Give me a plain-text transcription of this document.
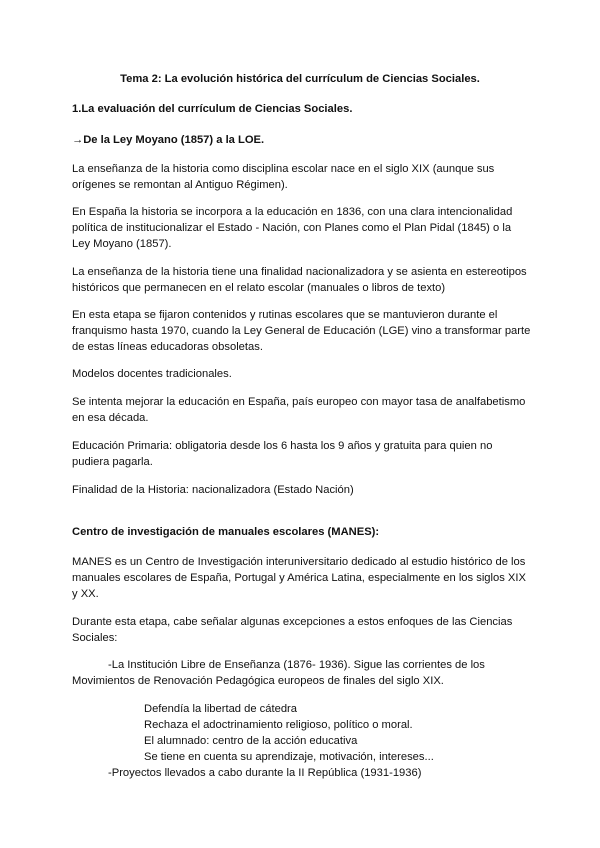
Tema 2: La evolución histórica del currículum de Ciencias Sociales.

1.La evaluación del currículum de Ciencias Sociales.

→De la Ley Moyano (1857) a la LOE.

La enseñanza de la historia como disciplina escolar nace en el siglo XIX (aunque sus

orígenes se remontan al Antiguo Régimen).

En España la historia se incorpora a la educación en 1836, con una clara intencionalidad

política de institucionalizar el Estado - Nación, con Planes como el Plan Pidal (1845) o la

Ley Moyano (1857).

La enseñanza de la historia tiene una finalidad nacionalizadora y se asienta en estereotipos

históricos que permanecen en el relato escolar (manuales o libros de texto)

En esta etapa se fijaron contenidos y rutinas escolares que se mantuvieron durante el

franquismo hasta 1970, cuando la Ley General de Educación (LGE) vino a transformar parte

de estas líneas educadoras obsoletas.

Modelos docentes tradicionales.

Se intenta mejorar la educación en España, país europeo con mayor tasa de analfabetismo

en esa década.

Educación Primaria: obligatoria desde los 6 hasta los 9 años y gratuita para quien no

pudiera pagarla.

Finalidad de la Historia: nacionalizadora (Estado Nación)

Centro de investigación de manuales escolares (MANES):

MANES es un Centro de Investigación interuniversitario dedicado al estudio histórico de los

manuales escolares de España, Portugal y América Latina, especialmente en los siglos XIX

y XX.

Durante esta etapa, cabe señalar algunas excepciones a estos enfoques de las Ciencias

Sociales:

-La Institución Libre de Enseñanza (1876- 1936). Sigue las corrientes de los

Movimientos de Renovación Pedagógica europeos de finales del siglo XIX.

Defendía la libertad de cátedra

Rechaza el adoctrinamiento religioso, político o moral.

El alumnado: centro de la acción educativa

Se tiene en cuenta su aprendizaje, motivación, intereses...

-Proyectos llevados a cabo durante la II República (1931-1936)
